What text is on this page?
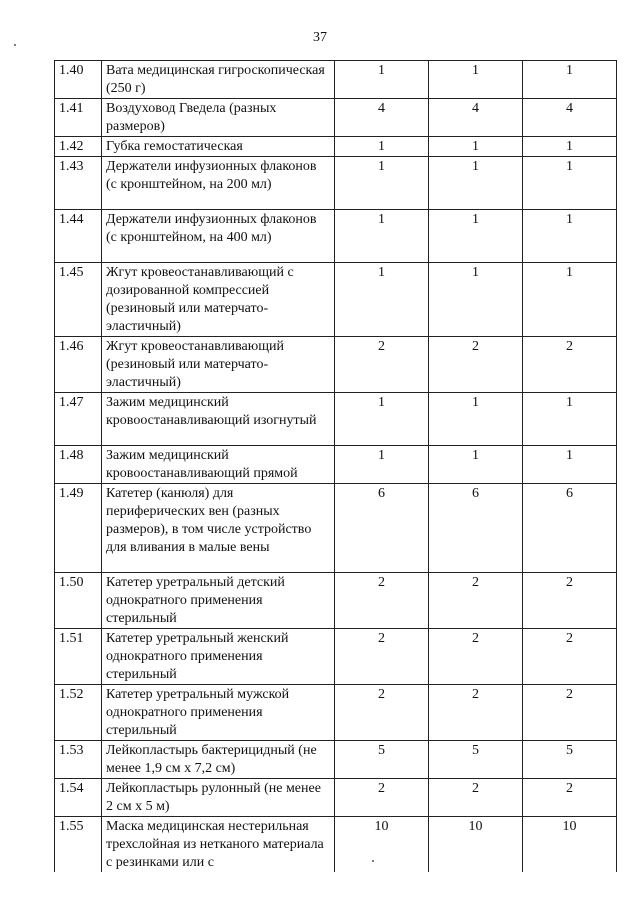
37
1.40	Вата медицинская гигроскопическая (250 г)	1	1	1
1.41	Воздуховод Гведела (разных размеров)	4	4	4
1.42	Губка гемостатическая	1	1	1
1.43	Держатели инфузионных флаконов (с кронштейном, на 200 мл)	1	1	1
1.44	Держатели инфузионных флаконов (с кронштейном, на 400 мл)	1	1	1
1.45	Жгут кровеостанавливающий с дозированной компрессией (резиновый или матерчато-эластичный)	1	1	1
1.46	Жгут кровеостанавливающий (резиновый или матерчато-эластичный)	2	2	2
1.47	Зажим медицинский кровоостанавливающий изогнутый	1	1	1
1.48	Зажим медицинский кровоостанавливающий прямой	1	1	1
1.49	Катетер (канюля) для периферических вен (разных размеров), в том числе устройство для вливания в малые вены	6	6	6
1.50	Катетер уретральный детский однократного применения стерильный	2	2	2
1.51	Катетер уретральный женский однократного применения стерильный	2	2	2
1.52	Катетер уретральный мужской однократного применения стерильный	2	2	2
1.53	Лейкопластырь бактерицидный (не менее 1,9 см х 7,2 см)	5	5	5
1.54	Лейкопластырь рулонный (не менее 2 см х 5 м)	2	2	2
1.55	Маска медицинская нестерильная трехслойная из нетканого материала с резинками или с	10	10	10
